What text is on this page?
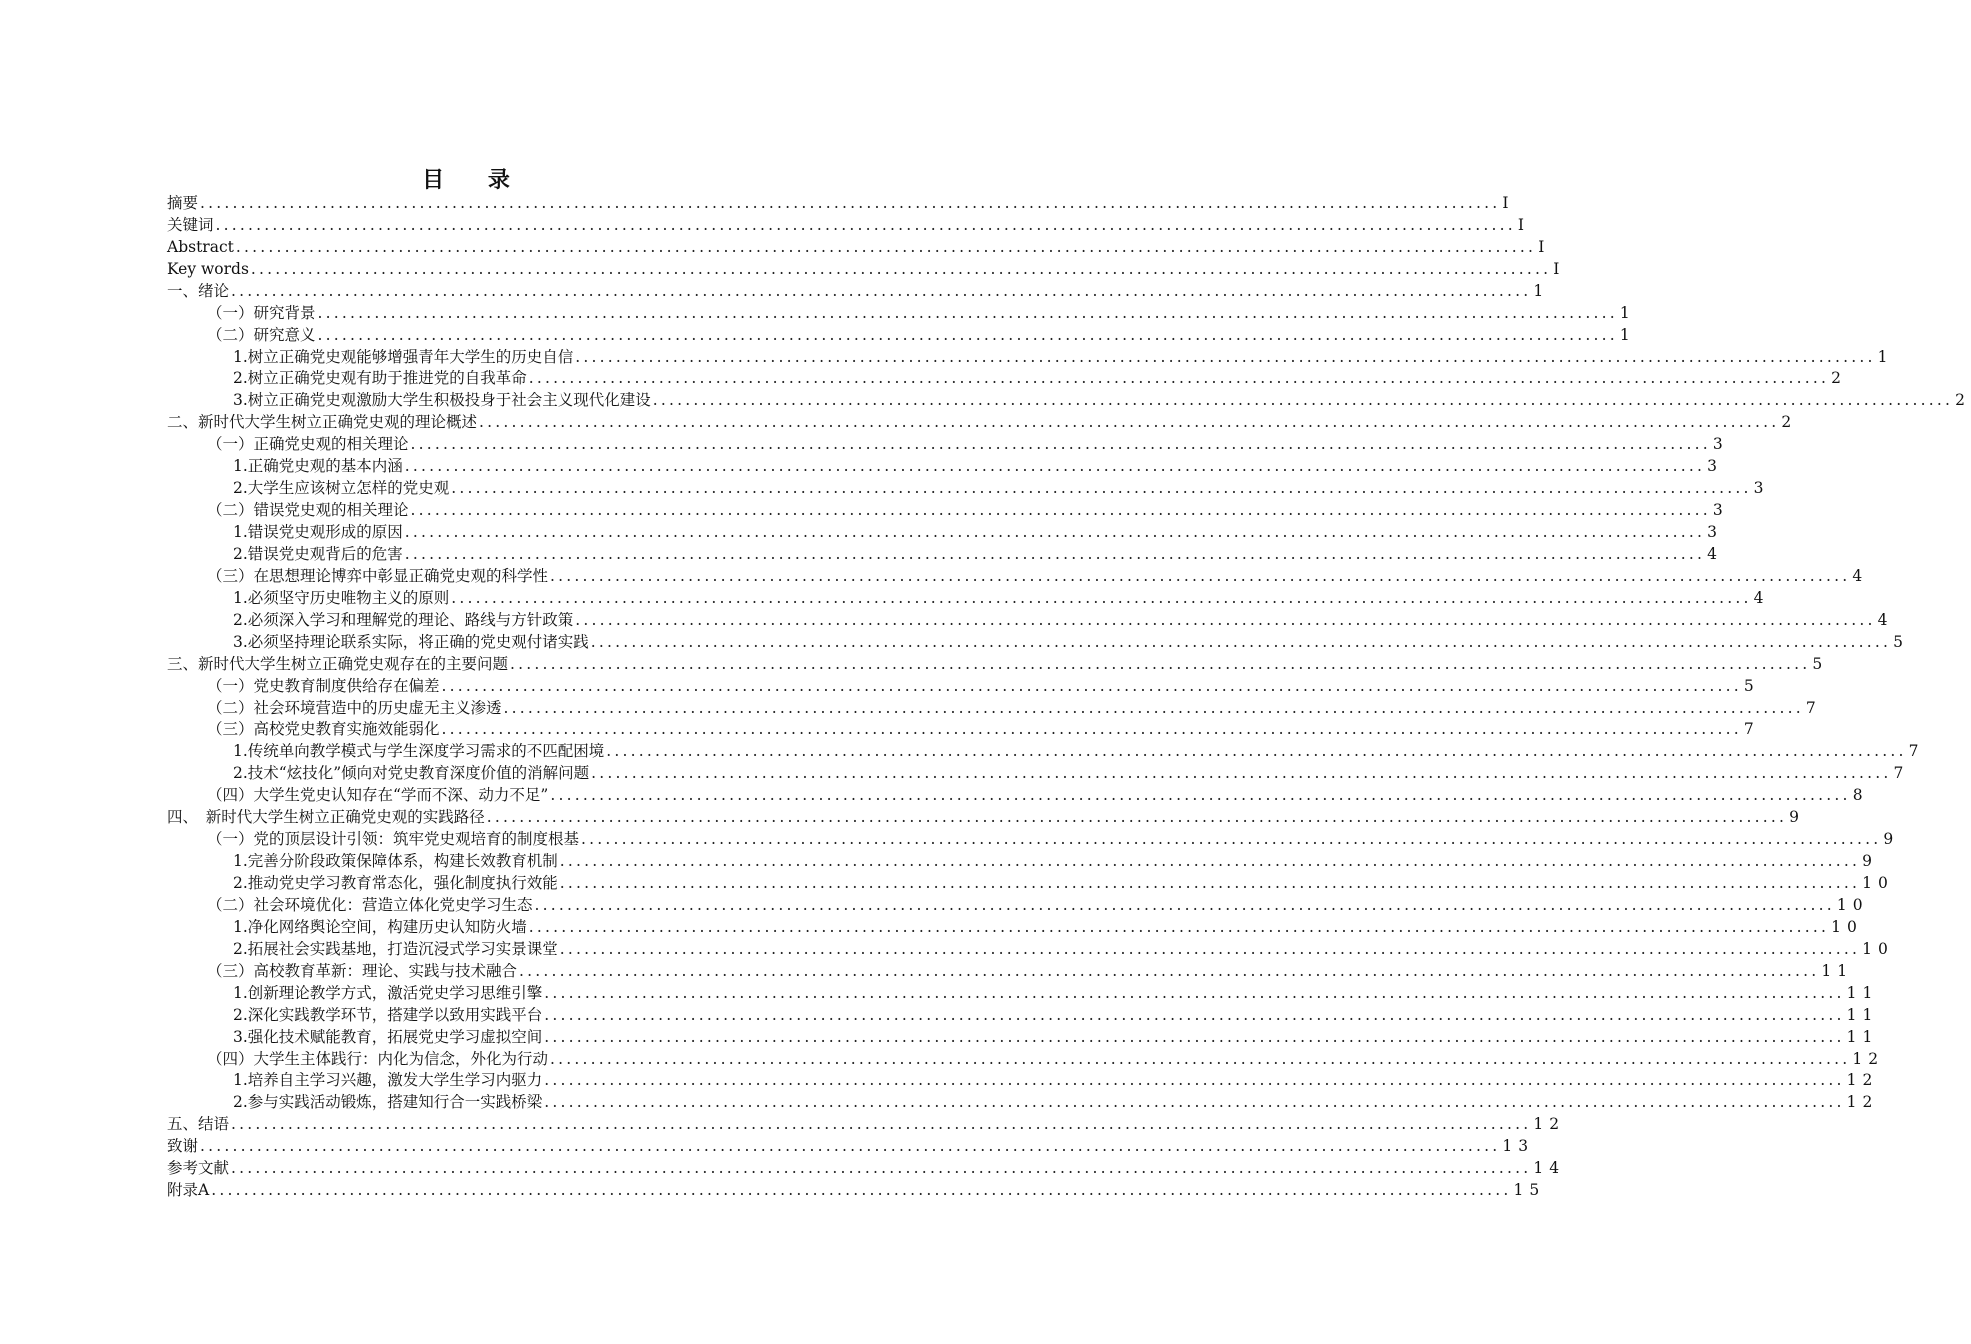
目 录
摘要 .....	I
关键词 .....	I
Abstract .....	I
Key words .....	I
一、绪论 .....	1
（一）研究背景 .....	1
（二）研究意义 .....	1
1.树立正确党史观能够增强青年大学生的历史自信 .....	1
2.树立正确党史观有助于推进党的自我革命 .....	2
3.树立正确党史观激励大学生积极投身于社会主义现代化建设 .....	2
二、新时代大学生树立正确党史观的理论概述 .....	2
（一）正确党史观的相关理论 .....	3
1.正确党史观的基本内涵 .....	3
2.大学生应该树立怎样的党史观 .....	3
（二）错误党史观的相关理论 .....	3
1.错误党史观形成的原因 .....	3
2.错误党史观背后的危害 .....	4
（三）在思想理论博弈中彰显正确党史观的科学性 .....	4
1.必须坚守历史唯物主义的原则 .....	4
2.必须深入学习和理解党的理论、路线与方针政策 .....	4
3.必须坚持理论联系实际，将正确的党史观付诸实践 .....	5
三、新时代大学生树立正确党史观存在的主要问题 .....	5
（一）党史教育制度供给存在偏差 .....	5
（二）社会环境营造中的历史虚无主义渗透 .....	7
（三）高校党史教育实施效能弱化 .....	7
1.传统单向教学模式与学生深度学习需求的不匹配困境 .....	7
2.技术“炫技化”倾向对党史教育深度价值的消解问题 .....	7
（四）大学生党史认知存在“学而不深、动力不足” .....	8
四、　新时代大学生树立正确党史观的实践路径 .....	9
（一）党的顶层设计引领：筑牢党史观培育的制度根基 .....	9
1.完善分阶段政策保障体系，构建长效教育机制 .....	9
2.推动党史学习教育常态化，强化制度执行效能 .....	10
（二）社会环境优化：营造立体化党史学习生态 .....	10
1.净化网络舆论空间，构建历史认知防火墙 .....	10
2.拓展社会实践基地，打造沉浸式学习实景课堂 .....	10
（三）高校教育革新：理论、实践与技术融合 .....	11
1.创新理论教学方式，激活党史学习思维引擎 .....	11
2.深化实践教学环节，搭建学以致用实践平台 .....	11
3.强化技术赋能教育，拓展党史学习虚拟空间 .....	11
（四）大学生主体践行：内化为信念，外化为行动 .....	12
1.培养自主学习兴趣，激发大学生学习内驱力 .....	12
2.参与实践活动锻炼，搭建知行合一实践桥梁 .....	12
五、结语 .....	12
致谢 .....	13
参考文献 .....	14
附录A .....	15
